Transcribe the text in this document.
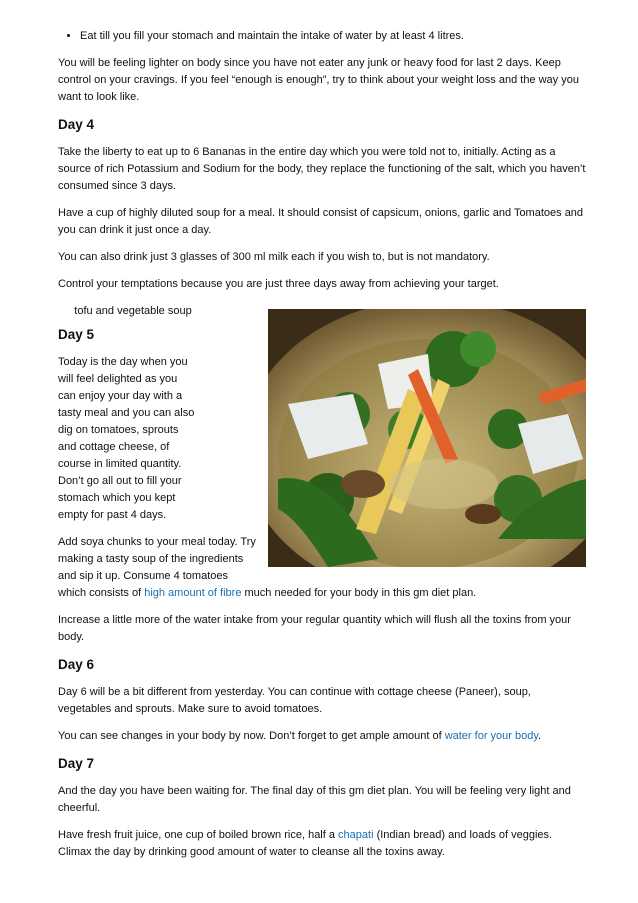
• Eat till you fill your stomach and maintain the intake of water by at least 4 litres.

You will be feeling lighter on body since you have not eater any junk or heavy food for last 2 days. Keep control on your cravings. If you feel “enough is enough”, try to think about your weight loss and the way you want to look like.

Day 4

Take the liberty to eat up to 6 Bananas in the entire day which you were told not to, initially. Acting as a source of rich Potassium and Sodium for the body, they replace the functioning of the salt, which you haven’t consumed since 3 days.

Have a cup of highly diluted soup for a meal. It should consist of capsicum, onions, garlic and Tomatoes and you can drink it just once a day.

You can also drink just 3 glasses of 300 ml milk each if you wish to, but is not mandatory.

Control your temptations because you are just three days away from achieving your target.

tofu and vegetable soup

Day 5

Today is the day when you will feel delighted as you can enjoy your day with a tasty meal and you can also dig on tomatoes, sprouts and cottage cheese, of course in limited quantity. Don’t go all out to fill your stomach which you kept empty for past 4 days.

Add soya chunks to your meal today. Try making a tasty soup of the ingredients and sip it up. Consume 4 tomatoes which consists of high amount of fibre much needed for your body in this gm diet plan.

Increase a little more of the water intake from your regular quantity which will flush all the toxins from your body.

Day 6

Day 6 will be a bit different from yesterday. You can continue with cottage cheese (Paneer), soup, vegetables and sprouts. Make sure to avoid tomatoes.

You can see changes in your body by now. Don’t forget to get ample amount of water for your body.

Day 7

And the day you have been waiting for. The final day of this gm diet plan. You will be feeling very light and cheerful.

Have fresh fruit juice, one cup of boiled brown rice, half a chapati (Indian bread) and loads of veggies. Climax the day by drinking good amount of water to cleanse all the toxins away.
